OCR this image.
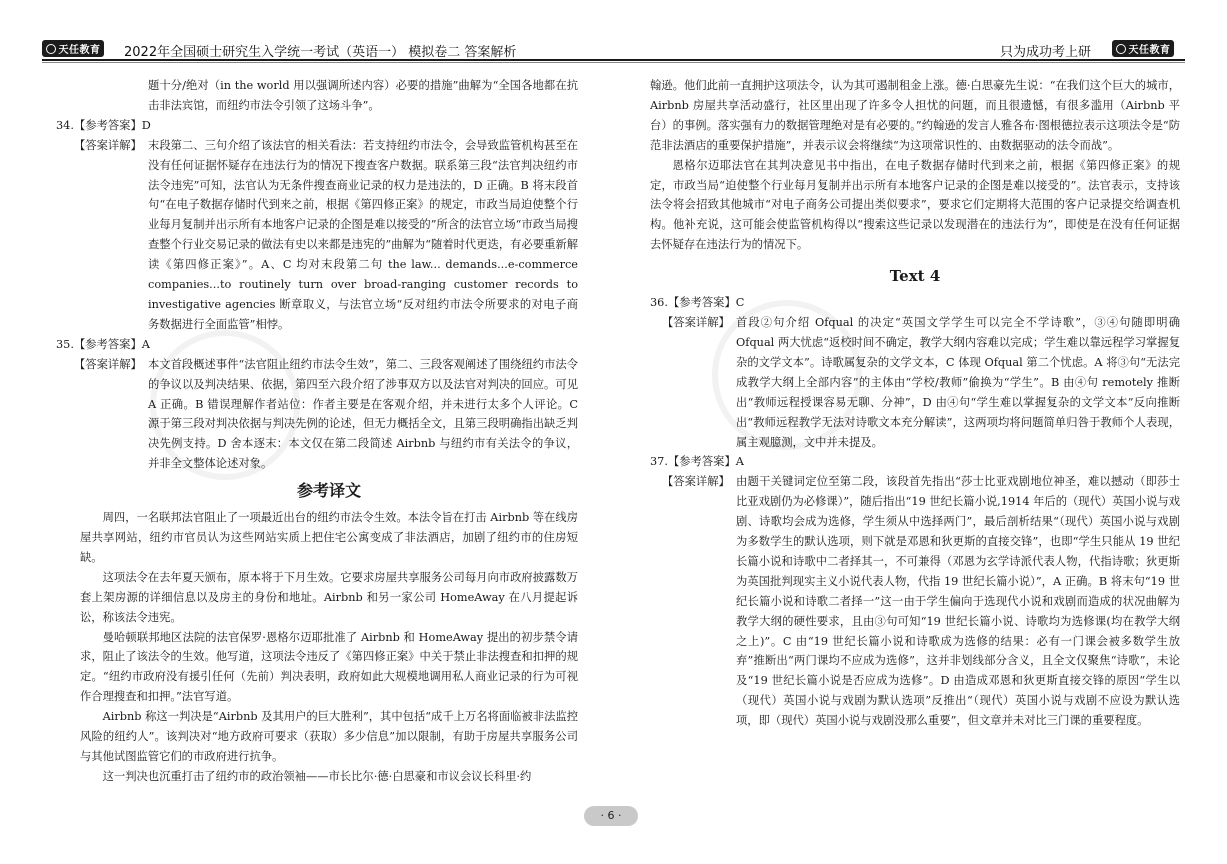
天任教育 2022年全国硕士研究生入学统一考试（英语一） 模拟卷二 答案解析	只为成功考上研	天任教育

题十分/绝对（in the world 用以强调所述内容）必要的措施”曲解为“全国各地都在抗击非法宾馆，而纽约市法令引领了这场斗争”。

34.【参考答案】D

【答案详解】 末段第二、三句介绍了该法官的相关看法：若支持纽约市法令，会导致监管机构甚至在没有任何证据怀疑存在违法行为的情况下搜查客户数据。联系第三段“法官判决纽约市法令违宪”可知，法官认为无条件搜查商业记录的权力是违法的，D 正确。B 将末段首句“在电子数据存储时代到来之前，根据《第四修正案》的规定，市政当局迫使整个行业每月复制并出示所有本地客户记录的企图是难以接受的”所含的法官立场“市政当局搜查整个行业交易记录的做法有史以来都是违宪的”曲解为“随着时代更迭，有必要重新解读《第四修正案》”。A、C 均对末段第二句 the law... demands...e-commerce companies...to routinely turn over broad-ranging customer records to investigative agencies 断章取义，与法官立场“反对纽约市法令所要求的对电子商务数据进行全面监管”相悖。

35.【参考答案】A

【答案详解】 本文首段概述事件“法官阻止纽约市法令生效”，第二、三段客观阐述了围绕纽约市法令的争议以及判决结果、依据，第四至六段介绍了涉事双方以及法官对判决的回应。可见 A 正确。B 错误理解作者站位：作者主要是在客观介绍，并未进行太多个人评论。C 源于第三段对判决依据与判决先例的论述，但无力概括全文，且第三段明确指出缺乏判决先例支持。D 舍本逐末：本文仅在第二段简述 Airbnb 与纽约市有关法令的争议，并非全文整体论述对象。

参考译文

周四，一名联邦法官阻止了一项最近出台的纽约市法令生效。本法令旨在打击 Airbnb 等在线房屋共享网站，纽约市官员认为这些网站实质上把住宅公寓变成了非法酒店，加剧了纽约市的住房短缺。

这项法令在去年夏天颁布，原本将于下月生效。它要求房屋共享服务公司每月向市政府披露数万套上架房源的详细信息以及房主的身份和地址。Airbnb 和另一家公司 HomeAway 在八月提起诉讼，称该法令违宪。

曼哈顿联邦地区法院的法官保罗·恩格尔迈耶批准了 Airbnb 和 HomeAway 提出的初步禁令请求，阻止了该法令的生效。他写道，这项法令违反了《第四修正案》中关于禁止非法搜查和扣押的规定。“纽约市政府没有援引任何（先前）判决表明，政府如此大规模地调用私人商业记录的行为可视作合理搜查和扣押。”法官写道。

Airbnb 称这一判决是“Airbnb 及其用户的巨大胜利”，其中包括“成千上万名将面临被非法监控风险的纽约人”。该判决对“地方政府可要求（获取）多少信息”加以限制，有助于房屋共享服务公司与其他试图监管它们的市政府进行抗争。

这一判决也沉重打击了纽约市的政治领袖——市长比尔·德·白思豪和市议会议长科里·约

翰逊。他们此前一直拥护这项法令，认为其可遏制租金上涨。德·白思豪先生说：“在我们这个巨大的城市，Airbnb 房屋共享活动盛行，社区里出现了许多令人担忧的问题，而且很遗憾，有很多滥用（Airbnb 平台）的事例。落实强有力的数据管理绝对是有必要的。”约翰逊的发言人雅各布·图根德拉表示这项法令是“防范非法酒店的重要保护措施”，并表示议会将继续“为这项常识性的、由数据驱动的法令而战”。

恩格尔迈耶法官在其判决意见书中指出，在电子数据存储时代到来之前，根据《第四修正案》的规定，市政当局“迫使整个行业每月复制并出示所有本地客户记录的企图是难以接受的”。法官表示，支持该法令将会招致其他城市“对电子商务公司提出类似要求”，要求它们定期将大范围的客户记录提交给调查机构。他补充说，这可能会使监管机构得以“搜索这些记录以发现潜在的违法行为”，即使是在没有任何证据去怀疑存在违法行为的情况下。

Text 4

36.【参考答案】C

【答案详解】 首段②句介绍 Ofqual 的决定“英国文学学生可以完全不学诗歌”，③④句随即明确 Ofqual 两大忧虑“返校时间不确定，教学大纲内容难以完成；学生难以靠远程学习掌握复杂的文学文本”。诗歌属复杂的文学文本，C 体现 Ofqual 第二个忧虑。A 将③句“无法完成教学大纲上全部内容”的主体由“学校/教师”偷换为“学生”。B 由④句 remotely 推断出“教师远程授课容易无聊、分神”，D 由④句“学生难以掌握复杂的文学文本”反向推断出“教师远程教学无法对诗歌文本充分解读”，这两项均将问题简单归咎于教师个人表现，属主观臆测，文中并未提及。

37.【参考答案】A

【答案详解】 由题干关键词定位至第二段，该段首先指出“莎士比亚戏剧地位神圣，难以撼动（即莎士比亚戏剧仍为必修课）”，随后指出“19 世纪长篇小说,1914 年后的（现代）英国小说与戏剧、诗歌均会成为选修，学生须从中选择两门”，最后剖析结果“（现代）英国小说与戏剧为多数学生的默认选项，则下就是邓恩和狄更斯的直接交锋”，也即“学生只能从 19 世纪长篇小说和诗歌中二者择其一，不可兼得（邓恩为玄学诗派代表人物，代指诗歌；狄更斯为英国批判现实主义小说代表人物，代指 19 世纪长篇小说）”，A 正确。B 将末句“19 世纪长篇小说和诗歌二者择一”这一由于学生偏向于选现代小说和戏剧而造成的状况曲解为教学大纲的硬性要求，且由③句可知“19 世纪长篇小说、诗歌均为选修课(均在教学大纲之上)”。C 由“19 世纪长篇小说和诗歌成为选修的结果：必有一门课会被多数学生放弃”推断出“两门课均不应成为选修”，这并非划线部分含义，且全文仅聚焦“诗歌”，未论及“19 世纪长篇小说是否应成为选修”。D 由造成邓恩和狄更斯直接交锋的原因“学生以（现代）英国小说与戏剧为默认选项”反推出“（现代）英国小说与戏剧不应设为默认选项，即（现代）英国小说与戏剧没那么重要”，但文章并未对比三门课的重要程度。

· 6 ·
